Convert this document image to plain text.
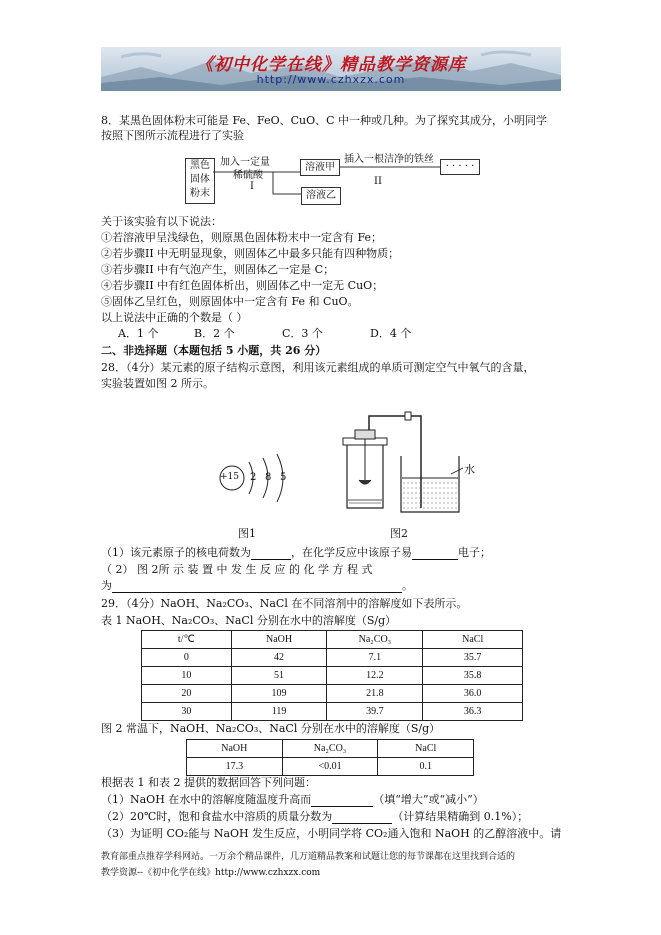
《初中化学在线》精品教学资源库
http://www.czhxzx.com
8．某黑色固体粉末可能是 Fe、FeO、CuO、C 中一种或几种。为了探究其成分，小明同学
按照下图所示流程进行了实验
黑色
固体
粉末
加入一定量
稀硫酸
I
溶液甲
插入一根洁净的铁丝
II
· · · · ·
溶液乙
关于该实验有以下说法：
①若溶液甲呈浅绿色，则原黑色固体粉末中一定含有 Fe；
②若步骤II 中无明显现象，则固体乙中最多只能有四种物质；
③若步骤II 中有气泡产生，则固体乙一定是 C；
④若步骤II 中有红色固体析出，则固体乙中一定无 CuO；
⑤固体乙呈红色，则原固体中一定含有 Fe 和 CuO。
以上说法中正确的个数是（ ）
A．1 个	B．2 个	C．3 个	D．4 个
二、非选择题（本题包括 5 小题，共 26 分）
28．（4分）某元素的原子结构示意图，利用该元素组成的单质可测定空气中氧气的含量，
实验装置如图 2 所示。
+15 2 8 5
图1
水
图2
（1）该元素原子的核电荷数为	，在化学反应中该原子易	电子；
（ 2） 图 2所 示 装 置 中 发 生 反 应 的 化 学 方 程 式
为	。
29．（4分）NaOH、Na₂CO₃、NaCl 在不同溶剂中的溶解度如下表所示。
表 1 NaOH、Na₂CO₃、NaCl 分别在水中的溶解度（S/g）
t/℃	NaOH	Na₂CO₃	NaCl
0	42	7.1	35.7
10	51	12.2	35.8
20	109	21.8	36.0
30	119	39.7	36.3
图 2 常温下，NaOH、Na₂CO₃、NaCl 分别在水中的溶解度（S/g）
NaOH	Na₂CO₃	NaCl
17.3	<0.01	0.1
根据表 1 和表 2 提供的数据回答下列问题：
（1）NaOH 在水中的溶解度随温度升高而	（填“增大”或“减小”）
（2）20℃时，饱和食盐水中溶质的质量分数为	（计算结果精确到 0.1%）；
（3）为证明 CO₂能与 NaOH 发生反应，小明同学将 CO₂通入饱和 NaOH 的乙醇溶液中。请
教育部重点推荐学科网站。一万余个精品课件，几万道精品教案和试题让您的每节课都在这里找到合适的
教学资源--《初中化学在线》http://www.czhxzx.com
